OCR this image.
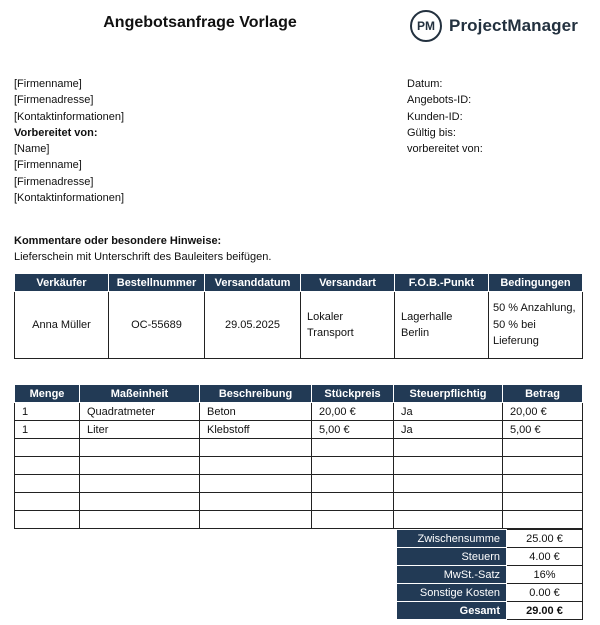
Angebotsanfrage Vorlage	PM ProjectManager
[Firmenname]
[Firmenadresse]
[Kontaktinformationen]
Vorbereitet von:
[Name]
[Firmenname]
[Firmenadresse]
[Kontaktinformationen]
Datum:
Angebots-ID:
Kunden-ID:
Gültig bis:
vorbereitet von:
Kommentare oder besondere Hinweise:
Lieferschein mit Unterschrift des Bauleiters beifügen.
Verkäufer	Bestellnummer	Versanddatum	Versandart	F.O.B.-Punkt	Bedingungen
Anna Müller	OC-55689	29.05.2025	Lokaler Transport	Lagerhalle Berlin	50 % Anzahlung, 50 % bei Lieferung
Menge	Maßeinheit	Beschreibung	Stückpreis	Steuerpflichtig	Betrag
1	Quadratmeter	Beton	20,00 €	Ja	20,00 €
1	Liter	Klebstoff	5,00 €	Ja	5,00 €

Zwischensumme	25.00 €
Steuern	4.00 €
MwSt.-Satz	16%
Sonstige Kosten	0.00 €
Gesamt	29.00 €
